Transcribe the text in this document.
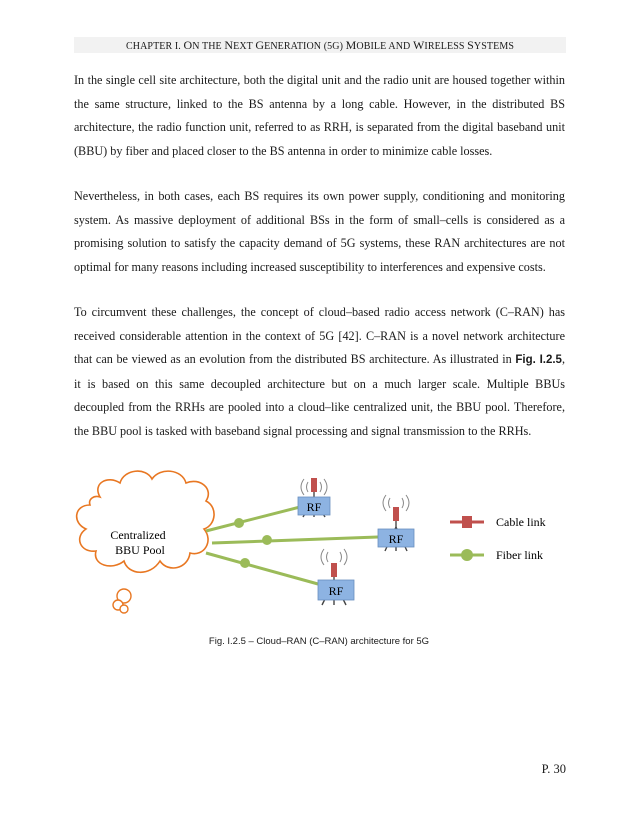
CHAPTER I. ON THE NEXT GENERATION (5G) MOBILE AND WIRELESS SYSTEMS

In the single cell site architecture, both the digital unit and the radio unit are housed together within the same structure, linked to the BS antenna by a long cable. However, in the distributed BS architecture, the radio function unit, referred to as RRH, is separated from the digital baseband unit (BBU) by fiber and placed closer to the BS antenna in order to minimize cable losses.

Nevertheless, in both cases, each BS requires its own power supply, conditioning and monitoring system. As massive deployment of additional BSs in the form of small–cells is considered as a promising solution to satisfy the capacity demand of 5G systems, these RAN architectures are not optimal for many reasons including increased susceptibility to interferences and expensive costs.

To circumvent these challenges, the concept of cloud–based radio access network (C–RAN) has received considerable attention in the context of 5G [42]. C–RAN is a novel network architecture that can be viewed as an evolution from the distributed BS architecture. As illustrated in Fig. I.2.5, it is based on this same decoupled architecture but on a much larger scale. Multiple BBUs decoupled from the RRHs are pooled into a cloud–like centralized unit, the BBU pool. Therefore, the BBU pool is tasked with baseband signal processing and signal transmission to the RRHs.

Centralized
BBU Pool
RF
RF
RF
Cable link
Fiber link
Fig. I.2.5 – Cloud–RAN (C–RAN) architecture for 5G
P. 30
